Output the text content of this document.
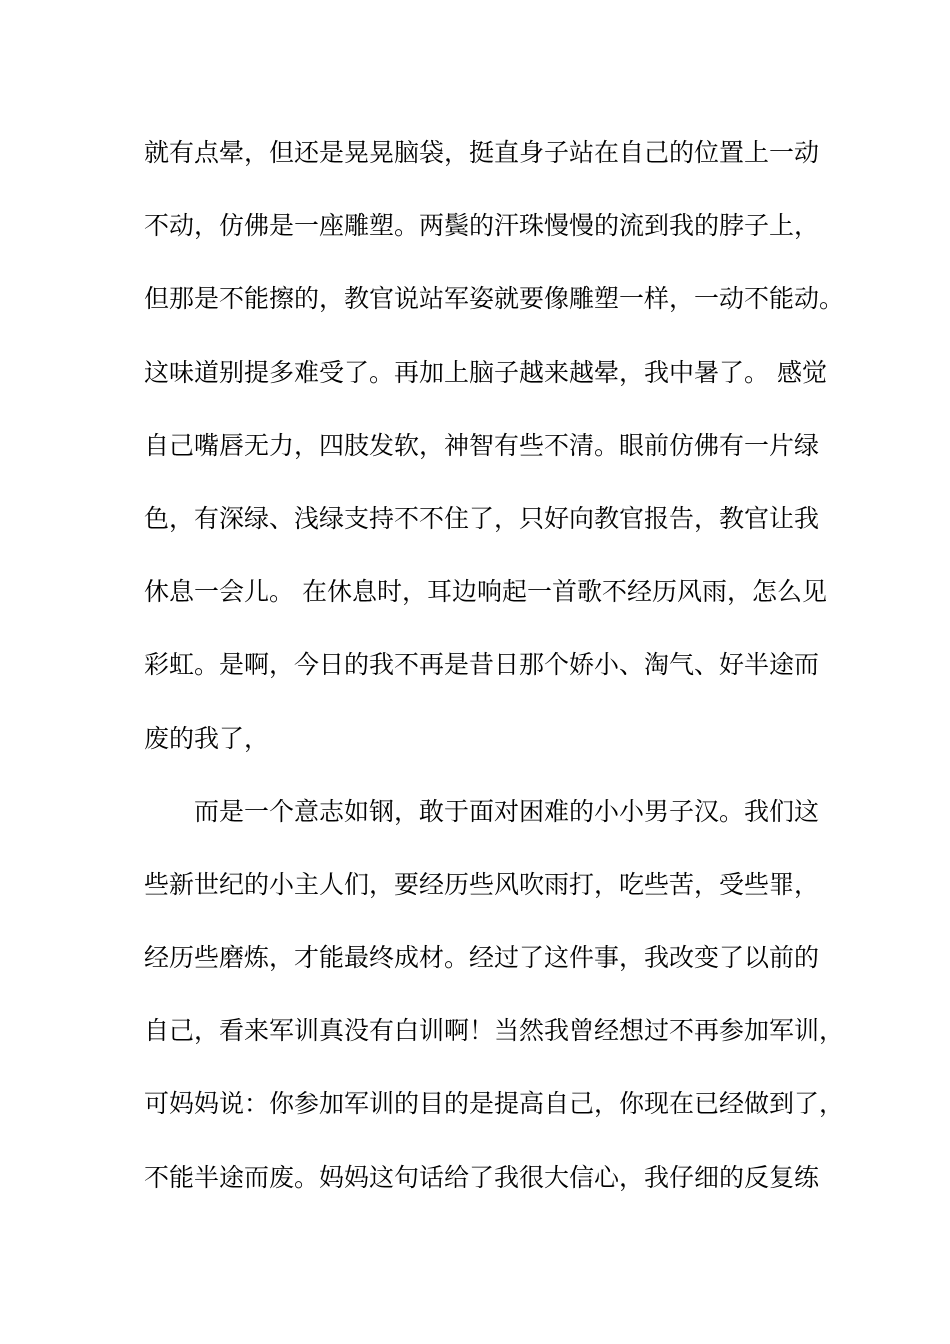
就有点晕，但还是晃晃脑袋，挺直身子站在自己的位置上一动
不动，仿佛是一座雕塑。两鬓的汗珠慢慢的流到我的脖子上，
但那是不能擦的，教官说站军姿就要像雕塑一样，一动不能动。
这味道别提多难受了。再加上脑子越来越晕，我中暑了。 感觉
自己嘴唇无力，四肢发软，神智有些不清。眼前仿佛有一片绿
色，有深绿、浅绿支持不不住了，只好向教官报告，教官让我
休息一会儿。 在休息时，耳边响起一首歌不经历风雨，怎么见
彩虹。是啊，今日的我不再是昔日那个娇小、淘气、好半途而
废的我了，
　　而是一个意志如钢，敢于面对困难的小小男子汉。我们这
些新世纪的小主人们，要经历些风吹雨打，吃些苦，受些罪，
经历些磨炼，才能最终成材。经过了这件事，我改变了以前的
自己，看来军训真没有白训啊！当然我曾经想过不再参加军训，
可妈妈说：你参加军训的目的是提高自己，你现在已经做到了，
不能半途而废。妈妈这句话给了我很大信心，我仔细的反复练
